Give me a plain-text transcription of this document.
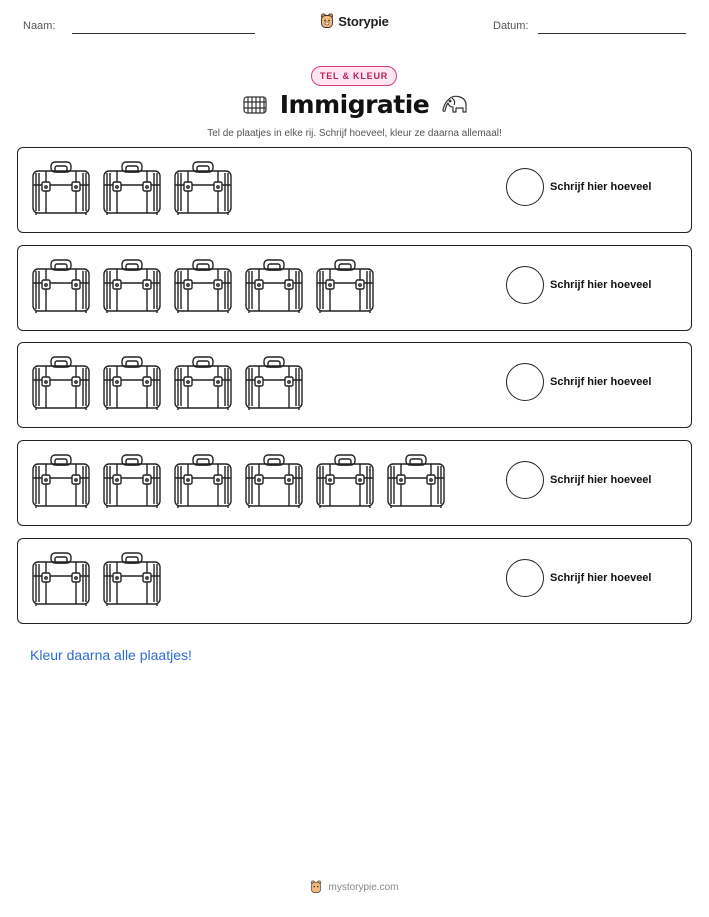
Naam:	Storypie	Datum:
TEL & KLEUR
Immigratie
Tel de plaatjes in elke rij. Schrijf hoeveel, kleur ze daarna allemaal!
Schrijf hier hoeveel
Schrijf hier hoeveel
Schrijf hier hoeveel
Schrijf hier hoeveel
Schrijf hier hoeveel
Kleur daarna alle plaatjes!
mystorypie.com
